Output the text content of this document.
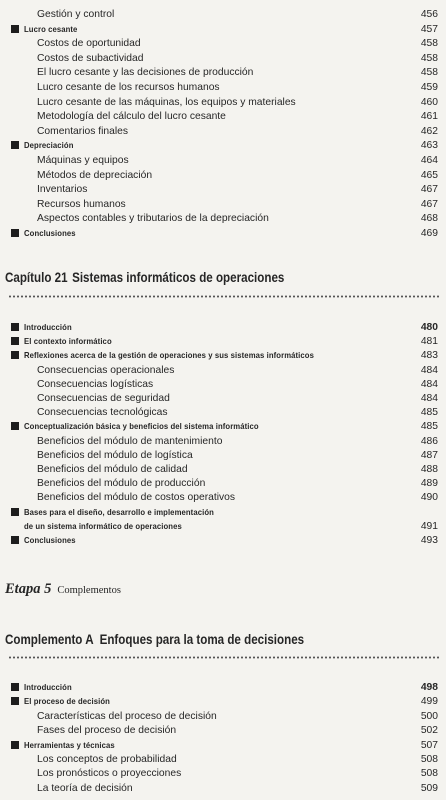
Gestión y control	456
Lucro cesante	457
Costos de oportunidad	458
Costos de subactividad	458
El lucro cesante y las decisiones de producción	458
Lucro cesante de los recursos humanos	459
Lucro cesante de las máquinas, los equipos y materiales	460
Metodología del cálculo del lucro cesante	461
Comentarios finales	462
Depreciación	463
Máquinas y equipos	464
Métodos de depreciación	465
Inventarios	467
Recursos humanos	467
Aspectos contables y tributarios de la depreciación	468
Conclusiones	469
Capítulo 21 Sistemas informáticos de operaciones
Introducción	480
El contexto informático	481
Reflexiones acerca de la gestión de operaciones y sus sistemas informáticos	483
Consecuencias operacionales	484
Consecuencias logísticas	484
Consecuencias de seguridad	484
Consecuencias tecnológicas	485
Conceptualización básica y beneficios del sistema informático	485
Beneficios del módulo de mantenimiento	486
Beneficios del módulo de logística	487
Beneficios del módulo de calidad	488
Beneficios del módulo de producción	489
Beneficios del módulo de costos operativos	490
Bases para el diseño, desarrollo e implementación
de un sistema informático de operaciones	491
Conclusiones	493
Etapa 5 Complementos
Complemento A Enfoques para la toma de decisiones
Introducción	498
El proceso de decisión	499
Características del proceso de decisión	500
Fases del proceso de decisión	502
Herramientas y técnicas	507
Los conceptos de probabilidad	508
Los pronósticos o proyecciones	508
La teoría de decisión	509
